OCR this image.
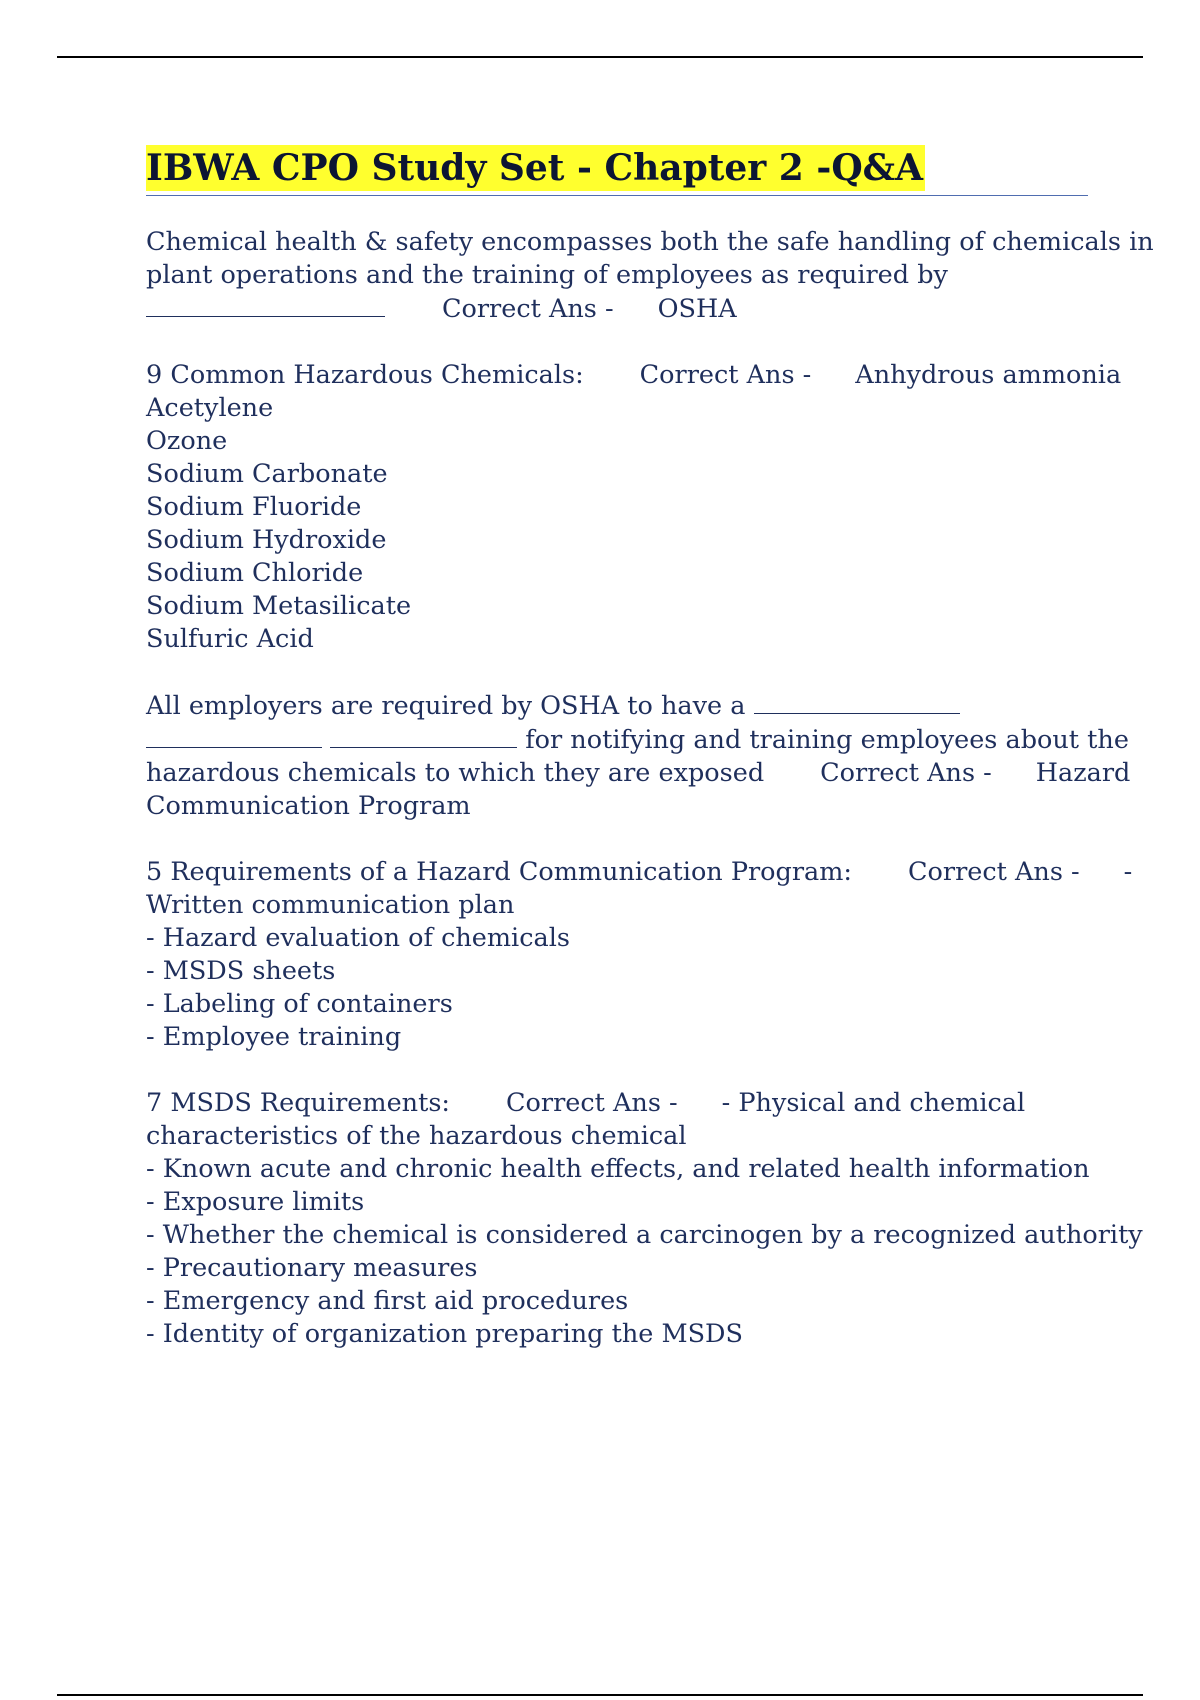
IBWA CPO Study Set - Chapter 2 -Q&A
Chemical health & safety encompasses both the safe handling of chemicals in
plant operations and the training of employees as required by
Correct Ans - OSHA
9 Common Hazardous Chemicals: Correct Ans - Anhydrous ammonia
Acetylene
Ozone
Sodium Carbonate
Sodium Fluoride
Sodium Hydroxide
Sodium Chloride
Sodium Metasilicate
Sulfuric Acid
All employers are required by OSHA to have a
for notifying and training employees about the
hazardous chemicals to which they are exposed Correct Ans - Hazard
Communication Program
5 Requirements of a Hazard Communication Program: Correct Ans - -
Written communication plan
- Hazard evaluation of chemicals
- MSDS sheets
- Labeling of containers
- Employee training
7 MSDS Requirements: Correct Ans - - Physical and chemical
characteristics of the hazardous chemical
- Known acute and chronic health effects, and related health information
- Exposure limits
- Whether the chemical is considered a carcinogen by a recognized authority
- Precautionary measures
- Emergency and first aid procedures
- Identity of organization preparing the MSDS
